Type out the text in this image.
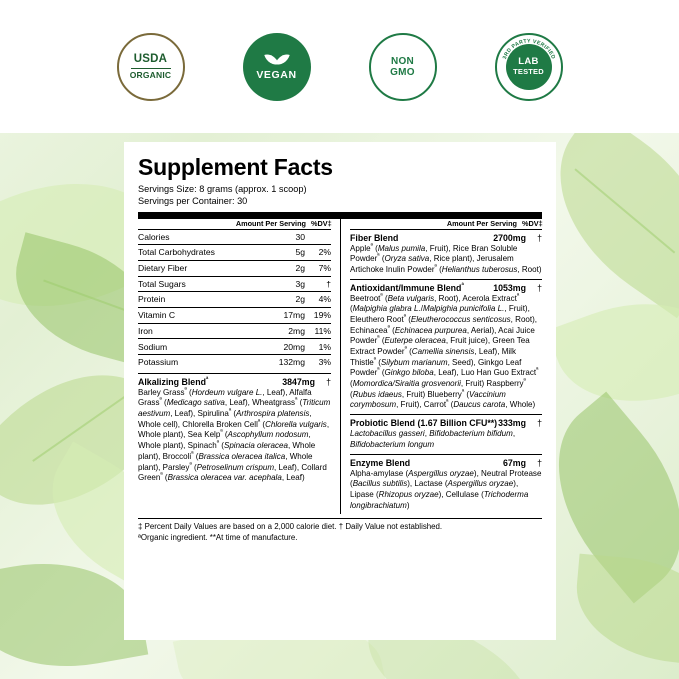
USDA
ORGANIC	VEGAN
NON
GMO
3RD PARTY VERIFIED
PURITY & POTENCY
LAB
TESTED
Supplement Facts
Servings Size: 8 grams (approx. 1 scoop)
Servings per Container: 30
Amount Per Serving %DV‡
Calories	30	
Total Carbohydrates	5g	2%
Dietary Fiber	2g	7%
Total Sugars	3g	†
Protein	2g	4%
Vitamin C	17mg	19%
Iron	2mg	11%
Sodium	20mg	1%
Potassium	132mg	3%
Alkalizing Blend$^ª$	3847mg	†
Barley Grass$^ª$ (Hordeum vulgare L., Leaf), Alfalfa Grass$^ª$ (Medicago sativa, Leaf), Wheatgrass$^ª$ (Triticum aestivum, Leaf), Spirulina$^ª$ (Arthrospira platensis, Whole cell), Chlorella Broken Cell$^ª$ (Chlorella vulgaris, Whole plant), Sea Kelp$^ª$ (Ascophyllum nodosum, Whole plant), Spinach$^ª$ (Spinacia oleracea, Whole plant), Broccoli$^ª$ (Brassica oleracea italica, Whole plant), Parsley$^ª$ (Petroselinum crispum, Leaf), Collard Green$^ª$ (Brassica oleracea var. acephala, Leaf)
Amount Per Serving %DV‡
Fiber Blend	2700mg	†
Apple$^ª$ (Malus pumila, Fruit), Rice Bran Soluble Powder$^ª$ (Oryza sativa, Rice plant), Jerusalem Artichoke Inulin Powder$^ª$ (Helianthus tuberosus, Root)
Antioxidant/Immune Blend$^ª$	1053mg	†
Beetroot$^ª$ (Beta vulgaris, Root), Acerola Extract$^ª$ (Malpighia glabra L./Malpighia punicifolia L., Fruit), Eleuthero Root$^ª$ (Eleutherococcus senticosus, Root), Echinacea$^ª$ (Echinacea purpurea, Aerial), Acai Juice Powder$^ª$ (Euterpe oleracea, Fruit juice), Green Tea Extract Powder$^ª$ (Camellia sinensis, Leaf), Milk Thistle$^ª$ (Silybum marianum, Seed), Ginkgo Leaf Powder$^ª$ (Ginkgo biloba, Leaf), Luo Han Guo Extract$^ª$ (Momordica/Siraitia grosvenorii, Fruit) Raspberry$^ª$ (Rubus idaeus, Fruit) Blueberry$^ª$ (Vaccinium corymbosum, Fruit), Carrot$^ª$ (Daucus carota, Whole)
Probiotic Blend (1.67 Billion CFU**) 333mg	†
Lactobacillus gasseri, Bifidobacterium bifidum, Bifidobacterium longum
Enzyme Blend	67mg	†
Alpha-amylase (Aspergillus oryzae), Neutral Protease (Bacillus subtilis), Lactase (Aspergillus oryzae), Lipase (Rhizopus oryzae), Cellulase (Trichoderma longibrachiatum)
‡ Percent Daily Values are based on a 2,000 calorie diet. † Daily Value not established.
ªOrganic ingredient. **At time of manufacture.
